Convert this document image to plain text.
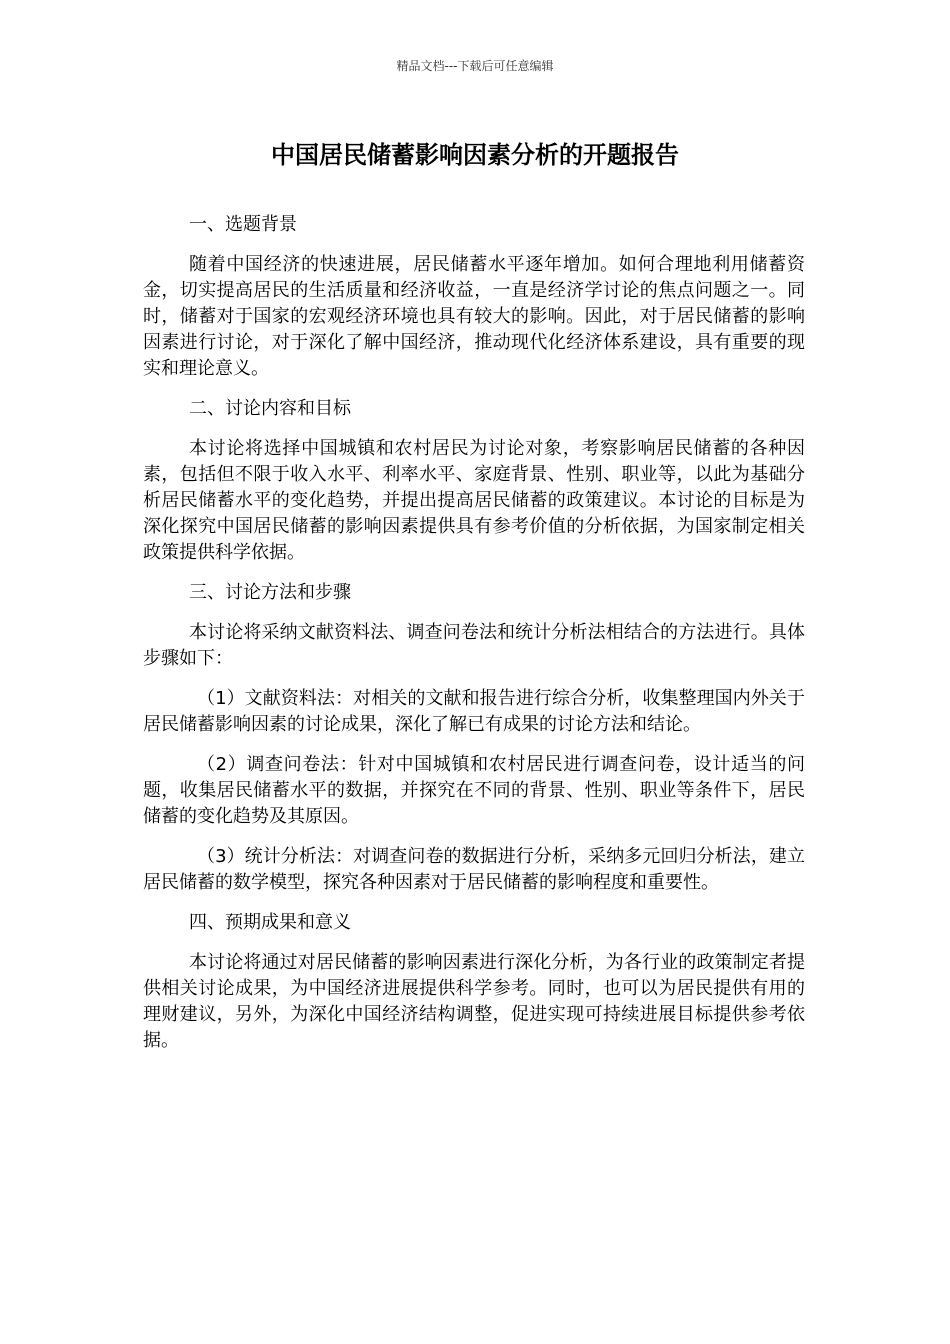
精品文档---下载后可任意编辑
中国居民储蓄影响因素分析的开题报告
一、选题背景

随着中国经济的快速进展，居民储蓄水平逐年增加。如何合理地利用储蓄资金，切实提高居民的生活质量和经济收益，一直是经济学讨论的焦点问题之一。同时，储蓄对于国家的宏观经济环境也具有较大的影响。因此，对于居民储蓄的影响因素进行讨论，对于深化了解中国经济，推动现代化经济体系建设，具有重要的现实和理论意义。

二、讨论内容和目标

本讨论将选择中国城镇和农村居民为讨论对象，考察影响居民储蓄的各种因素，包括但不限于收入水平、利率水平、家庭背景、性别、职业等，以此为基础分析居民储蓄水平的变化趋势，并提出提高居民储蓄的政策建议。本讨论的目标是为深化探究中国居民储蓄的影响因素提供具有参考价值的分析依据，为国家制定相关政策提供科学依据。

三、讨论方法和步骤

本讨论将采纳文献资料法、调查问卷法和统计分析法相结合的方法进行。具体步骤如下：

（1）文献资料法：对相关的文献和报告进行综合分析，收集整理国内外关于居民储蓄影响因素的讨论成果，深化了解已有成果的讨论方法和结论。

（2）调查问卷法：针对中国城镇和农村居民进行调查问卷，设计适当的问题，收集居民储蓄水平的数据，并探究在不同的背景、性别、职业等条件下，居民储蓄的变化趋势及其原因。

（3）统计分析法：对调查问卷的数据进行分析，采纳多元回归分析法，建立居民储蓄的数学模型，探究各种因素对于居民储蓄的影响程度和重要性。

四、预期成果和意义

本讨论将通过对居民储蓄的影响因素进行深化分析，为各行业的政策制定者提供相关讨论成果，为中国经济进展提供科学参考。同时，也可以为居民提供有用的理财建议，另外，为深化中国经济结构调整，促进实现可持续进展目标提供参考依据。
